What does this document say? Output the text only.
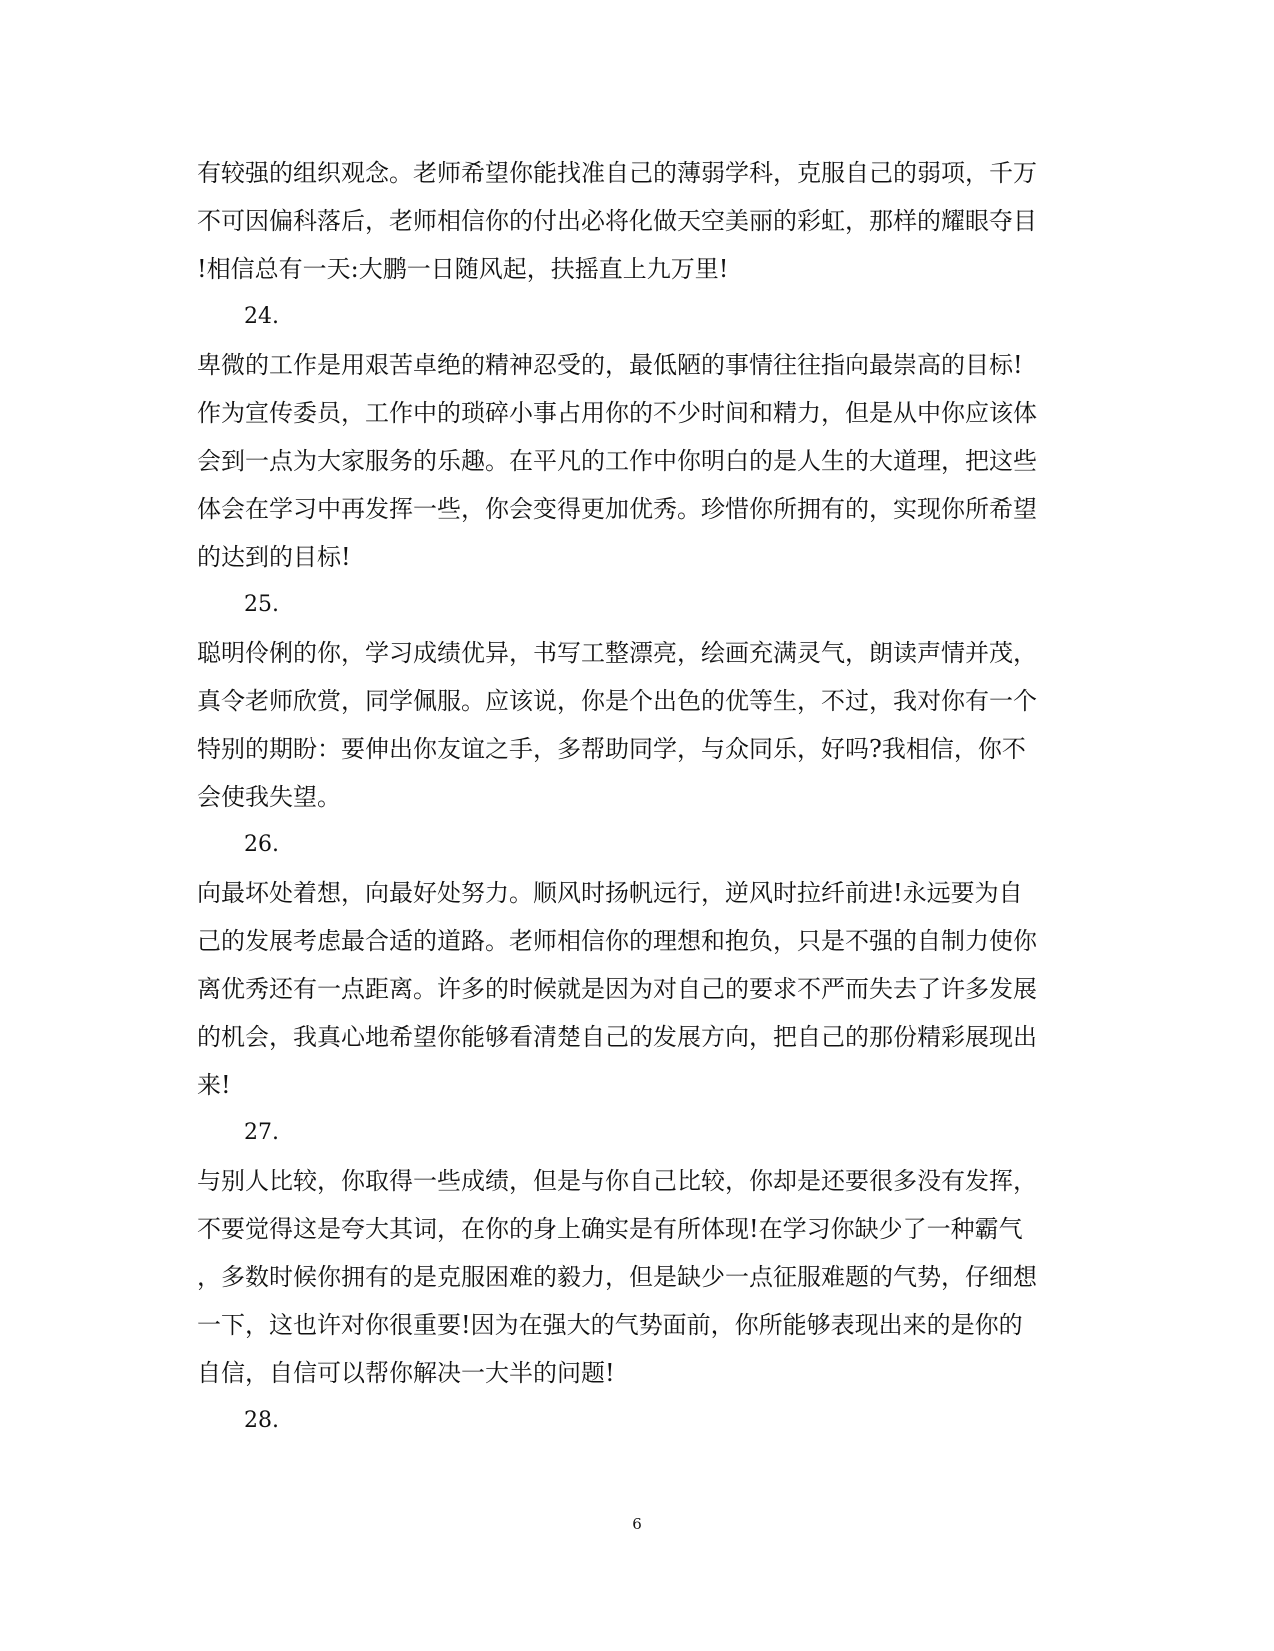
有较强的组织观念。老师希望你能找准自己的薄弱学科，克服自己的弱项，千万
不可因偏科落后，老师相信你的付出必将化做天空美丽的彩虹，那样的耀眼夺目
!相信总有一天:大鹏一日随风起，扶摇直上九万里!
24.
卑微的工作是用艰苦卓绝的精神忍受的，最低陋的事情往往指向最崇高的目标!
作为宣传委员，工作中的琐碎小事占用你的不少时间和精力，但是从中你应该体
会到一点为大家服务的乐趣。在平凡的工作中你明白的是人生的大道理，把这些
体会在学习中再发挥一些，你会变得更加优秀。珍惜你所拥有的，实现你所希望
的达到的目标!
25.
聪明伶俐的你，学习成绩优异，书写工整漂亮，绘画充满灵气，朗读声情并茂，
真令老师欣赏，同学佩服。应该说，你是个出色的优等生，不过，我对你有一个
特别的期盼：要伸出你友谊之手，多帮助同学，与众同乐，好吗?我相信，你不
会使我失望。
26.
向最坏处着想，向最好处努力。顺风时扬帆远行，逆风时拉纤前进!永远要为自
己的发展考虑最合适的道路。老师相信你的理想和抱负，只是不强的自制力使你
离优秀还有一点距离。许多的时候就是因为对自己的要求不严而失去了许多发展
的机会，我真心地希望你能够看清楚自己的发展方向，把自己的那份精彩展现出
来!
27.
与别人比较，你取得一些成绩，但是与你自己比较，你却是还要很多没有发挥，
不要觉得这是夸大其词，在你的身上确实是有所体现!在学习你缺少了一种霸气
，多数时候你拥有的是克服困难的毅力，但是缺少一点征服难题的气势，仔细想
一下，这也许对你很重要!因为在强大的气势面前，你所能够表现出来的是你的
自信，自信可以帮你解决一大半的问题!
28.
6
